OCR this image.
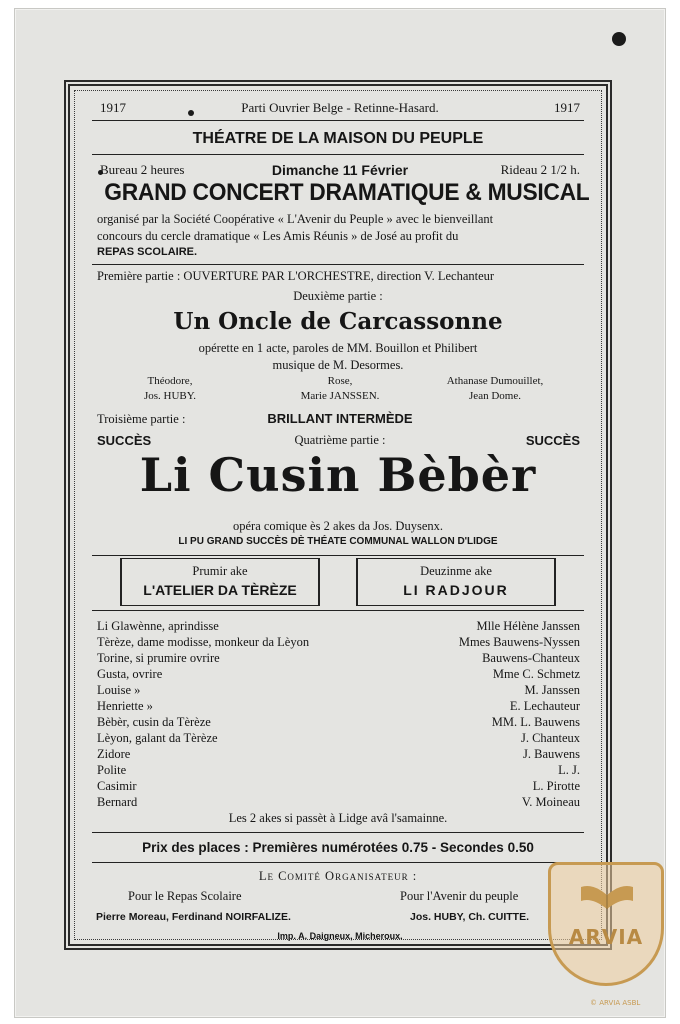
1917	Parti Ouvrier Belge - Retinne-Hasard.	1917
THÉATRE DE LA MAISON DU PEUPLE
Bureau 2 heures	Dimanche 11 Février	Rideau 2 1/2 h.
GRAND CONCERT DRAMATIQUE & MUSICAL
organisé par la Société Coopérative « L'Avenir du Peuple » avec le bienveillant
concours du cercle dramatique « Les Amis Réunis » de José au profit du
REPAS SCOLAIRE.
Première partie : OUVERTURE PAR L'ORCHESTRE, direction V. Lechanteur
Deuxième partie :
Un Oncle de Carcassonne
opérette en 1 acte, paroles de MM. Bouillon et Philibert
musique de M. Desormes.
Théodore,
Jos. HUBY.
Rose,
Marie JANSSEN.
Athanase Dumouillet,
Jean Dome.
Troisième partie :	BRILLANT INTERMÈDE
SUCCÈS	Quatrième partie :	SUCCÈS
Li Cusin Bèbèr
opéra comique ès 2 akes da Jos. Duysenx.
LI PU GRAND SUCCÈS DÈ THÉATE COMMUNAL WALLON D'LIDGE
Prumir ake
L'ATELIER DA TÈRÈZE
Deuzinme ake
LI RADJOUR
Li Glawènne, aprindisse	Mlle Hélène Janssen
Tèrèze, dame modisse, monkeur da Lèyon	Mmes Bauwens-Nyssen
Torine, si prumire ovrire	Bauwens-Chanteux
Gusta, ovrire	Mme C. Schmetz
Louise »	M. Janssen
Henriette »	E. Lechauteur
Bèbèr, cusin da Tèrèze	MM. L. Bauwens
Lèyon, galant da Tèrèze	J. Chanteux
Zidore	J. Bauwens
Polite	L. J.
Casimir	L. Pirotte
Bernard	V. Moineau
Les 2 akes si passèt à Lidge avâ l'samainne.
Prix des places : Premières numérotées 0.75 - Secondes 0.50
Le Comité Organisateur :
Pour le Repas Scolaire	Pour l'Avenir du peuple
Pierre Moreau, Ferdinand NOIRFALIZE.	Jos. HUBY, Ch. CUITTE.
Imp. A. Daigneux, Micheroux.	ARVIA
© ARVIA ASBL
